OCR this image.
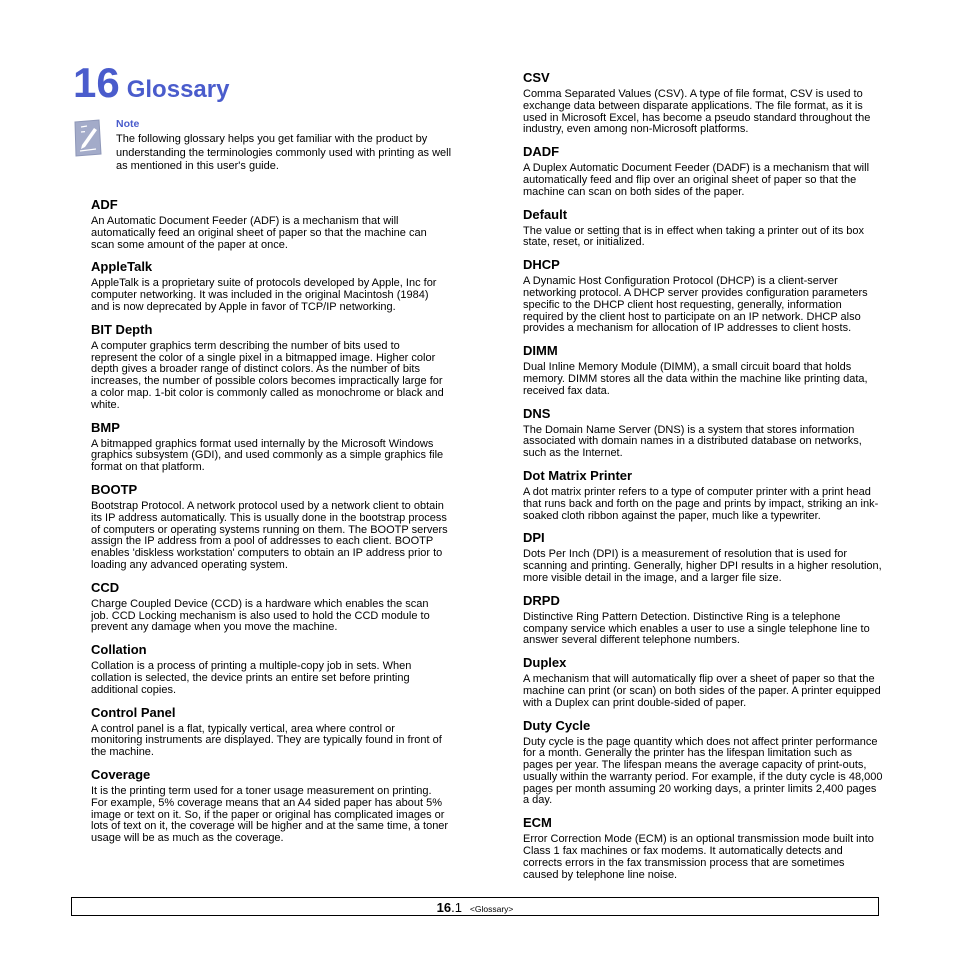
16 Glossary
Note
The following glossary helps you get familiar with the product by understanding the terminologies commonly used with printing as well as mentioned in this user's guide.

ADF

An Automatic Document Feeder (ADF) is a mechanism that will automatically feed an original sheet of paper so that the machine can scan some amount of the paper at once.

AppleTalk

AppleTalk is a proprietary suite of protocols developed by Apple, Inc for computer networking. It was included in the original Macintosh (1984) and is now deprecated by Apple in favor of TCP/IP networking.

BIT Depth

A computer graphics term describing the number of bits used to represent the color of a single pixel in a bitmapped image. Higher color depth gives a broader range of distinct colors. As the number of bits increases, the number of possible colors becomes impractically large for a color map. 1-bit color is commonly called as monochrome or black and white.

BMP

A bitmapped graphics format used internally by the Microsoft Windows graphics subsystem (GDI), and used commonly as a simple graphics file format on that platform.

BOOTP

Bootstrap Protocol. A network protocol used by a network client to obtain its IP address automatically. This is usually done in the bootstrap process of computers or operating systems running on them. The BOOTP servers assign the IP address from a pool of addresses to each client. BOOTP enables 'diskless workstation' computers to obtain an IP address prior to loading any advanced operating system.

CCD

Charge Coupled Device (CCD) is a hardware which enables the scan job. CCD Locking mechanism is also used to hold the CCD module to prevent any damage when you move the machine.

Collation

Collation is a process of printing a multiple-copy job in sets. When collation is selected, the device prints an entire set before printing additional copies.

Control Panel

A control panel is a flat, typically vertical, area where control or monitoring instruments are displayed. They are typically found in front of the machine.

Coverage

It is the printing term used for a toner usage measurement on printing. For example, 5% coverage means that an A4 sided paper has about 5% image or text on it. So, if the paper or original has complicated images or lots of text on it, the coverage will be higher and at the same time, a toner usage will be as much as the coverage.

CSV

Comma Separated Values (CSV). A type of file format, CSV is used to exchange data between disparate applications. The file format, as it is used in Microsoft Excel, has become a pseudo standard throughout the industry, even among non-Microsoft platforms.

DADF

A Duplex Automatic Document Feeder (DADF) is a mechanism that will automatically feed and flip over an original sheet of paper so that the machine can scan on both sides of the paper.

Default

The value or setting that is in effect when taking a printer out of its box state, reset, or initialized.

DHCP

A Dynamic Host Configuration Protocol (DHCP) is a client-server networking protocol. A DHCP server provides configuration parameters specific to the DHCP client host requesting, generally, information required by the client host to participate on an IP network. DHCP also provides a mechanism for allocation of IP addresses to client hosts.

DIMM

Dual Inline Memory Module (DIMM), a small circuit board that holds memory. DIMM stores all the data within the machine like printing data, received fax data.

DNS

The Domain Name Server (DNS) is a system that stores information associated with domain names in a distributed database on networks, such as the Internet.

Dot Matrix Printer

A dot matrix printer refers to a type of computer printer with a print head that runs back and forth on the page and prints by impact, striking an ink-soaked cloth ribbon against the paper, much like a typewriter.

DPI

Dots Per Inch (DPI) is a measurement of resolution that is used for scanning and printing. Generally, higher DPI results in a higher resolution, more visible detail in the image, and a larger file size.

DRPD

Distinctive Ring Pattern Detection. Distinctive Ring is a telephone company service which enables a user to use a single telephone line to answer several different telephone numbers.

Duplex

A mechanism that will automatically flip over a sheet of paper so that the machine can print (or scan) on both sides of the paper. A printer equipped with a Duplex can print double-sided of paper.

Duty Cycle

Duty cycle is the page quantity which does not affect printer performance for a month. Generally the printer has the lifespan limitation such as pages per year. The lifespan means the average capacity of print-outs, usually within the warranty period. For example, if the duty cycle is 48,000 pages per month assuming 20 working days, a printer limits 2,400 pages a day.

ECM

Error Correction Mode (ECM) is an optional transmission mode built into Class 1 fax machines or fax modems. It automatically detects and corrects errors in the fax transmission process that are sometimes caused by telephone line noise.

16 .1 <Glossary>
